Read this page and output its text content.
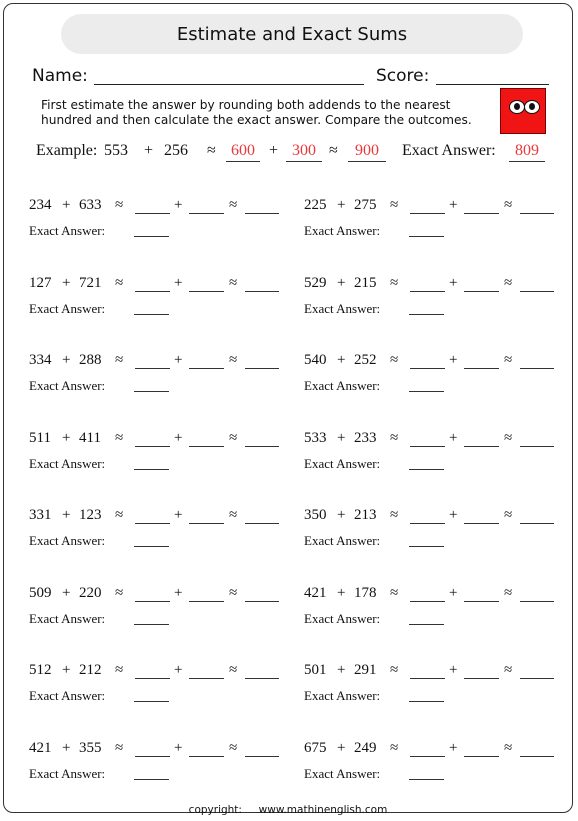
Estimate and Exact Sums
Name:	Score:
First estimate the answer by rounding both addends to the nearest hundred and then calculate the exact answer. Compare the outcomes.
Example: 553 + 256 ≈ 600 + 300 ≈	900	Exact Answer:	809
234 + 633 ≈	+	≈
Exact Answer:
225 + 275 ≈	+	≈
Exact Answer:
127 + 721 ≈	+	≈
Exact Answer:
529 + 215 ≈	+	≈
Exact Answer:
334 + 288 ≈	+	≈
Exact Answer:
540 + 252 ≈	+	≈
Exact Answer:
511 + 411 ≈	+	≈
Exact Answer:
533 + 233 ≈	+	≈
Exact Answer:
331 + 123 ≈	+	≈
Exact Answer:
350 + 213 ≈	+	≈
Exact Answer:
509 + 220 ≈	+	≈
Exact Answer:
421 + 178 ≈	+	≈
Exact Answer:
512 + 212 ≈	+	≈
Exact Answer:
501 + 291 ≈	+	≈
Exact Answer:
421 + 355 ≈	+	≈
Exact Answer:
675 + 249 ≈	+	≈
Exact Answer:
copyright: www.mathinenglish.com
